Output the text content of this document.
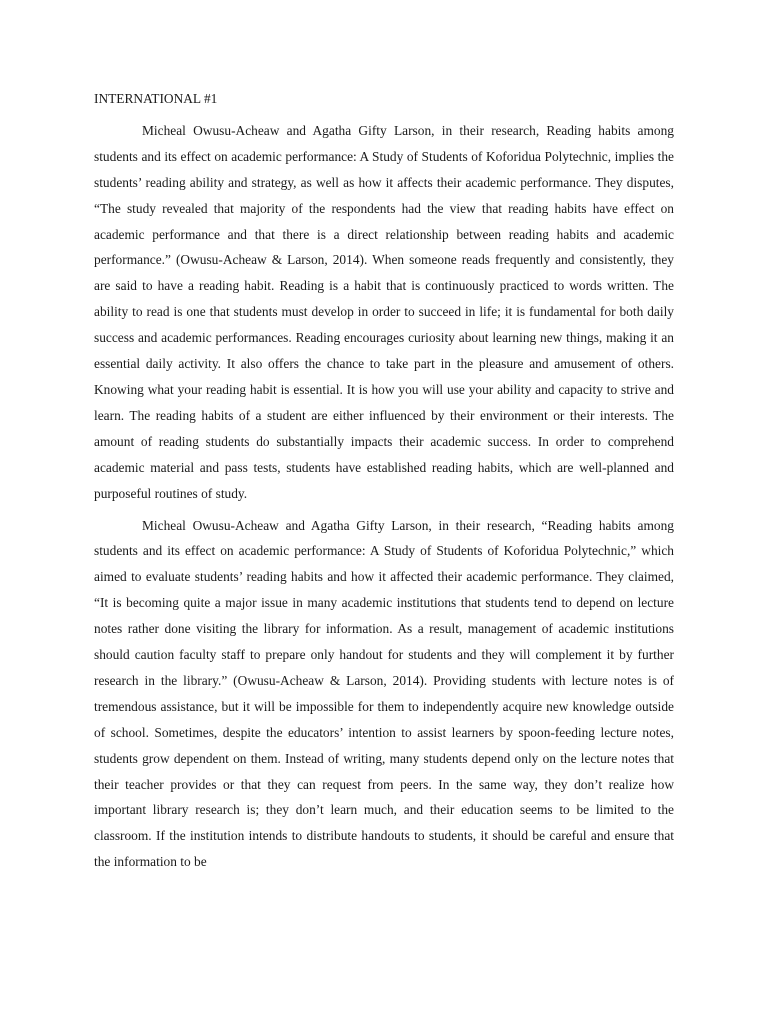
INTERNATIONAL #1

Micheal Owusu-Acheaw and Agatha Gifty Larson, in their research, Reading habits among students and its effect on academic performance: A Study of Students of Koforidua Polytechnic, implies the students’ reading ability and strategy, as well as how it affects their academic performance. They disputes, “The study revealed that majority of the respondents had the view that reading habits have effect on academic performance and that there is a direct relationship between reading habits and academic performance.” (Owusu-Acheaw & Larson, 2014). When someone reads frequently and consistently, they are said to have a reading habit. Reading is a habit that is continuously practiced to words written. The ability to read is one that students must develop in order to succeed in life; it is fundamental for both daily success and academic performances. Reading encourages curiosity about learning new things, making it an essential daily activity. It also offers the chance to take part in the pleasure and amusement of others. Knowing what your reading habit is essential. It is how you will use your ability and capacity to strive and learn. The reading habits of a student are either influenced by their environment or their interests. The amount of reading students do substantially impacts their academic success. In order to comprehend academic material and pass tests, students have established reading habits, which are well-planned and purposeful routines of study.

Micheal Owusu-Acheaw and Agatha Gifty Larson, in their research, “Reading habits among students and its effect on academic performance: A Study of Students of Koforidua Polytechnic,” which aimed to evaluate students’ reading habits and how it affected their academic performance. They claimed, “It is becoming quite a major issue in many academic institutions that students tend to depend on lecture notes rather done visiting the library for information. As a result, management of academic institutions should caution faculty staff to prepare only handout for students and they will complement it by further research in the library.” (Owusu-Acheaw & Larson, 2014). Providing students with lecture notes is of tremendous assistance, but it will be impossible for them to independently acquire new knowledge outside of school. Sometimes, despite the educators’ intention to assist learners by spoon-feeding lecture notes, students grow dependent on them. Instead of writing, many students depend only on the lecture notes that their teacher provides or that they can request from peers. In the same way, they don’t realize how important library research is; they don’t learn much, and their education seems to be limited to the classroom. If the institution intends to distribute handouts to students, it should be careful and ensure that the information to be
